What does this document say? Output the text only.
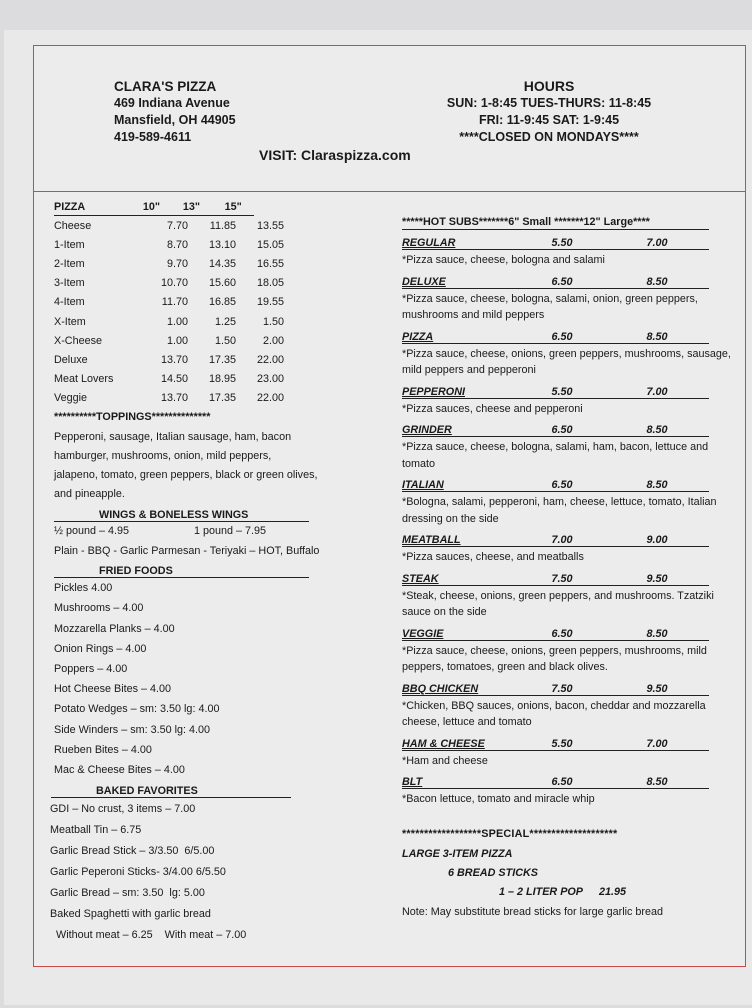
CLARA'S PIZZA
469 Indiana Avenue
Mansfield, OH 44905
419-589-4611
HOURS
SUN: 1-8:45 TUES-THURS: 11-8:45
FRI: 11-9:45 SAT: 1-9:45
****CLOSED ON MONDAYS****
VISIT: Claraspizza.com
PIZZA	10"	13"	15"
Cheese	7.70	11.85	13.55
1-Item	8.70	13.10	15.05
2-Item	9.70	14.35	16.55
3-Item	10.70	15.60	18.05
4-Item	11.70	16.85	19.55
X-Item	1.00	1.25	1.50
X-Cheese	1.00	1.50	2.00
Deluxe	13.70	17.35	22.00
Meat Lovers	14.50	18.95	23.00
Veggie	13.70	17.35	22.00
**********TOPPINGS**************
Pepperoni, sausage, Italian sausage, ham, bacon
hamburger, mushrooms, onion, mild peppers,
jalapeno, tomato, green peppers, black or green olives,
and pineapple.
WINGS & BONELESS WINGS
½ pound – 4.95	1 pound – 7.95
Plain - BBQ - Garlic Parmesan - Teriyaki – HOT, Buffalo
FRIED FOODS
Pickles 4.00
Mushrooms – 4.00
Mozzarella Planks – 4.00
Onion Rings – 4.00
Poppers – 4.00
Hot Cheese Bites – 4.00
Potato Wedges – sm: 3.50 lg: 4.00
Side Winders – sm: 3.50 lg: 4.00
Rueben Bites – 4.00
Mac & Cheese Bites – 4.00
BAKED FAVORITES
GDI – No crust, 3 items – 7.00
Meatball Tin – 6.75
Garlic Bread Stick – 3/3.50  6/5.00
Garlic Peperoni Sticks- 3/4.00 6/5.50
Garlic Bread – sm: 3.50  lg: 5.00
Baked Spaghetti with garlic bread
Without meat – 6.25    With meat – 7.00
*****HOT SUBS*******6" Small *******12" Large****
REGULAR	5.50	7.00
*Pizza sauce, cheese, bologna and salami
DELUXE	6.50	8.50
*Pizza sauce, cheese, bologna, salami, onion, green peppers, mushrooms and mild peppers
PIZZA	6.50	8.50
*Pizza sauce, cheese, onions, green peppers, mushrooms, sausage, mild peppers and pepperoni
PEPPERONI	5.50	7.00
*Pizza sauces, cheese and pepperoni
GRINDER	6.50	8.50
*Pizza sauce, cheese, bologna, salami, ham, bacon, lettuce and tomato
ITALIAN	6.50	8.50
*Bologna, salami, pepperoni, ham, cheese, lettuce, tomato, Italian dressing on the side
MEATBALL	7.00	9.00
*Pizza sauces, cheese, and meatballs
STEAK	7.50	9.50
*Steak, cheese, onions, green peppers, and mushrooms. Tzatziki sauce on the side
VEGGIE	6.50	8.50
*Pizza sauce, cheese, onions, green peppers, mushrooms, mild peppers, tomatoes, green and black olives.
BBQ CHICKEN	7.50	9.50
*Chicken, BBQ sauces, onions, bacon, cheddar and mozzarella cheese, lettuce and tomato
HAM & CHEESE	5.50	7.00
*Ham and cheese
BLT	6.50	8.50
*Bacon lettuce, tomato and miracle whip
******************SPECIAL********************
LARGE 3-ITEM PIZZA
6 BREAD STICKS
1 – 2 LITER POP 21.95
Note: May substitute bread sticks for large garlic bread
